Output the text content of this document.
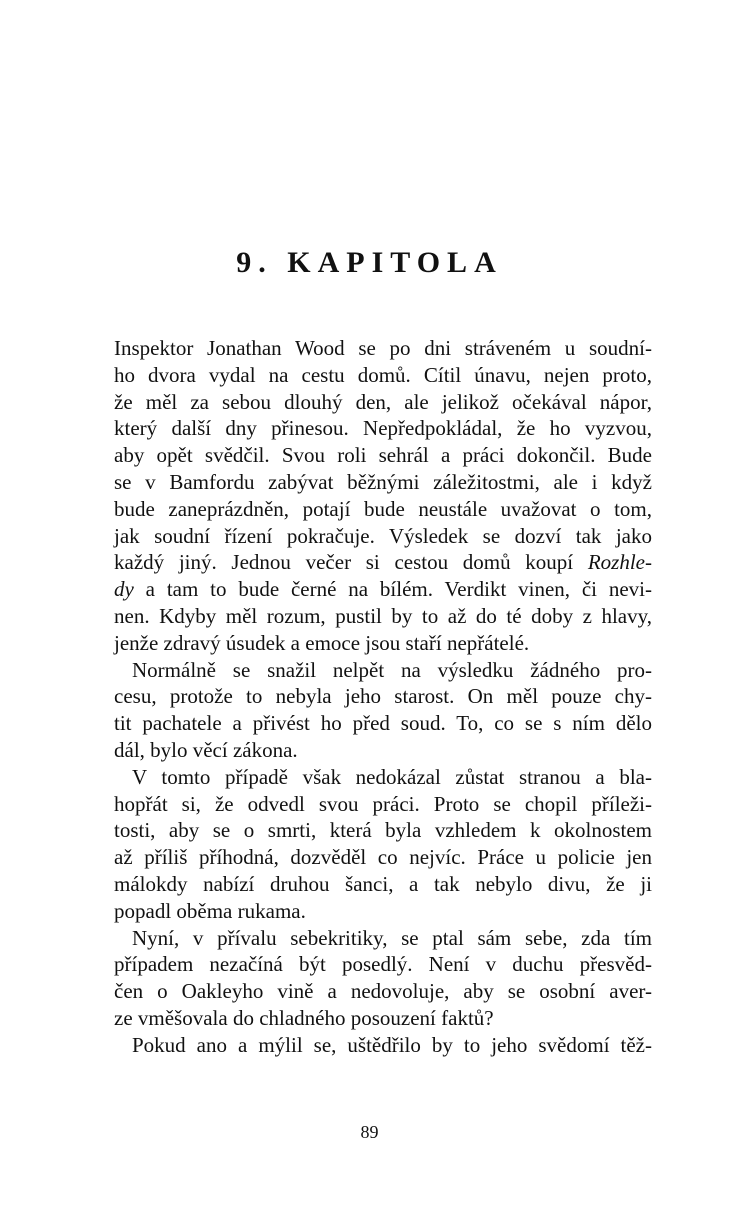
9. KAPITOLA
Inspektor Jonathan Wood se po dni stráveném u soudní-
ho dvora vydal na cestu domů. Cítil únavu, nejen proto,
že měl za sebou dlouhý den, ale jelikož očekával nápor,
který další dny přinesou. Nepředpokládal, že ho vyzvou,
aby opět svědčil. Svou roli sehrál a práci dokončil. Bude
se v Bamfordu zabývat běžnými záležitostmi, ale i když
bude zaneprázdněn, potají bude neustále uvažovat o tom,
jak soudní řízení pokračuje. Výsledek se dozví tak jako
každý jiný. Jednou večer si cestou domů koupí Rozhle-
dy a tam to bude černé na bílém. Verdikt vinen, či nevi-
nen. Kdyby měl rozum, pustil by to až do té doby z hlavy,
jenže zdravý úsudek a emoce jsou staří nepřátelé.
Normálně se snažil nelpět na výsledku žádného pro-
cesu, protože to nebyla jeho starost. On měl pouze chy-
tit pachatele a přivést ho před soud. To, co se s ním dělo
dál, bylo věcí zákona.
V tomto případě však nedokázal zůstat stranou a bla-
hopřát si, že odvedl svou práci. Proto se chopil příleži-
tosti, aby se o smrti, která byla vzhledem k okolnostem
až příliš příhodná, dozvěděl co nejvíc. Práce u policie jen
málokdy nabízí druhou šanci, a tak nebylo divu, že ji
popadl oběma rukama.
Nyní, v přívalu sebekritiky, se ptal sám sebe, zda tím
případem nezačíná být posedlý. Není v duchu přesvěd-
čen o Oakleyho vině a nedovoluje, aby se osobní aver-
ze vměšovala do chladného posouzení faktů?
Pokud ano a mýlil se, uštědřilo by to jeho svědomí těž-
89
